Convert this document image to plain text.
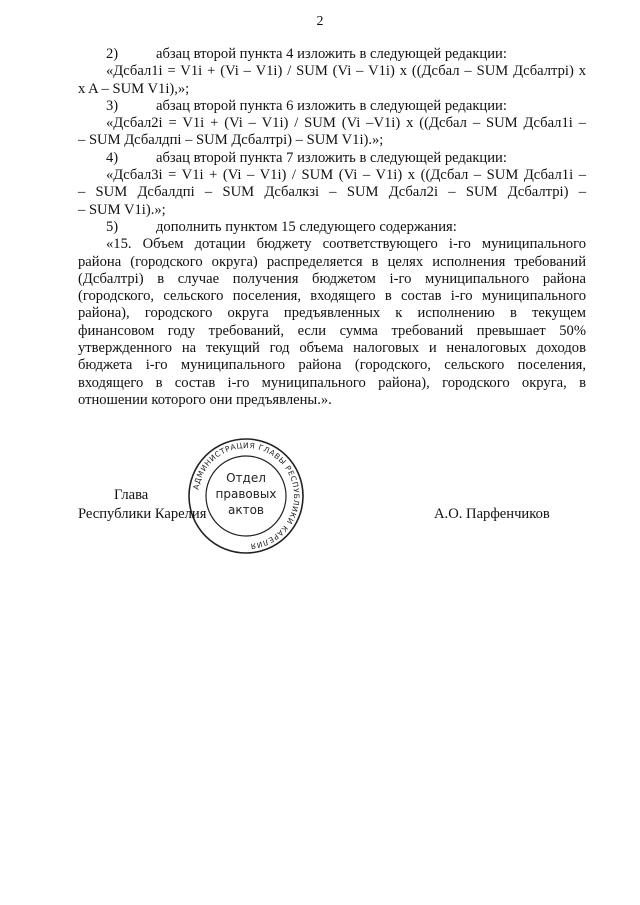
2
2)	абзац второй пункта 4 изложить в следующей редакции:
«Дсбал1i = V1i + (Vi – V1i) / SUM (Vi – V1i) x ((Дсбал – SUM Дсбалтрi) x
x A – SUM V1i),»;
3)	абзац второй пункта 6 изложить в следующей редакции:
«Дсбал2i = V1i + (Vi – V1i) / SUM (Vi –V1i) x ((Дсбал – SUM Дсбал1i –
– SUM Дсбалдпi – SUM Дсбалтрi) – SUM V1i).»;
4)	абзац второй пункта 7 изложить в следующей редакции:
«Дсбал3i = V1i + (Vi – V1i) / SUM (Vi – V1i) x ((Дсбал – SUM Дсбал1i –
– SUM Дсбалдпi – SUM Дсбалкзi – SUM Дсбал2i – SUM Дсбалтрi) –
– SUM V1i).»;
5)	дополнить пунктом 15 следующего содержания:
«15. Объем дотации бюджету соответствующего i-го муниципального
района (городского округа) распределяется в целях исполнения требований
(Дсбалтрi) в случае получения бюджетом i-го муниципального района
(городского, сельского поселения, входящего в состав i-го муниципального
района), городского округа предъявленных к исполнению в текущем
финансовом году требований, если сумма требований превышает 50%
утвержденного на текущий год объема налоговых и неналоговых доходов
бюджета i-го муниципального района (городского, сельского поселения,
входящего в состав i-го муниципального района), городского округа, в
отношении которого они предъявлены.».
АДМИНИСТРАЦИЯ ГЛАВЫ РЕСПУБЛИКИ КАРЕЛИЯ
Отдел
правовых
актов
Глава
Республики Карелия	А.О. Парфенчиков
